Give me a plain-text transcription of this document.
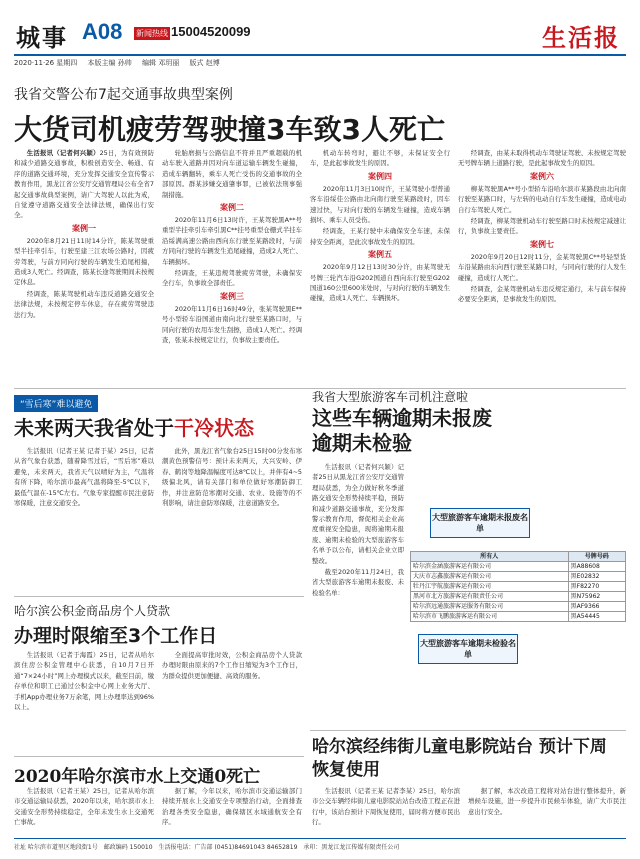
城事 A08 新闻热线 15004520099	生活报
2020·11·26 星期四 本版主编 孙帅 编辑 邓玥丽 版式 赵博
我省交警公布7起交通事故典型案例
大货司机疲劳驾驶撞3车致3人死亡

生活报讯（记者何兴颖）25日，为有效预防和减少道路交通事故，积极创造安全、畅通、有序的道路交通环境，充分发挥交通安全宣传警示教育作用，黑龙江省公安厅交通管理局公布全省7起交通事故典型案例，请广大驾驶人以此为戒，自觉遵守道路交通安全法律法规，确保出行安全。

案例一

2020年8月21日11时14分许，陈某驾驶重型半挂牵引车，行驶至建三江农场公路时，因疲劳驾驶，与前方同向行驶的车辆发生追尾相撞，造成3人死亡。经调查，陈某长途驾驶期间未按规定休息。

经调查，陈某驾驶机动车违反道路交通安全法律法规，未按规定停车休息，存在疲劳驾驶违法行为。

轮胎磨损与公路信息不符并且严重超载的机动车驶入道路并因对向车道运输车辆发生碰撞，造成车辆翻转，乘车人死亡受伤的交通事故的全部原因。群某涉嫌交通肇事罪，已被依法刑事强制措施。

案例二

2020年11月6日13时许，王某驾驶黑A**号重型半挂牵引车牵引黑C**挂号重型仓栅式半挂车沿绥满高速公路由西向东行驶至某路段时，与前方同向行驶的车辆发生追尾碰撞，造成2人死亡、车辆损坏。

经调查，王某违规驾驶疲劳驾驶，未确保安全行车，负事故全部责任。

案例三

2020年11月6日16时49分，张某驾驶黑E**号小型轿车沿国道由南向北行驶至某路口时，与同向行驶的农用车发生刮擦，造成1人死亡。经调查，张某未按规定让行，负事故主要责任。

机动车转弯时，避让不够，未保证安全行车，是此起事故发生的原因。

案例四

2020年11月3日10时许，王某驾驶小型普通客车沿绥佳公路由北向南行驶至某路段时，因车速过快，与对向行驶的车辆发生碰撞，造成车辆损坏、乘车人员受伤。

经调查，王某行驶中未确保安全车速，未保持安全距离，是此次事故发生的原因。

案例五

2020年9月12日13时30分许，由某驾驶无号牌三轮汽车沿G202国道自西向东行驶至G202国道160公里600米处时，与对向行驶的车辆发生碰撞，造成1人死亡、车辆损坏。

经调查，由某未取得机动车驾驶证驾驶、未按规定驾驶无号牌车辆上道路行驶，是此起事故发生的原因。

案例六

柳某驾驶黑A**号小型轿车沿哈尔滨市某路段由北向南行驶至某路口时，与左转的电动自行车发生碰撞，造成电动自行车驾驶人死亡。

经调查，柳某驾驶机动车行驶至路口时未按规定减速让行，负事故主要责任。

案例七

2020年9月20日12时11分，金某驾驶黑C**号轻型货车沿某路由东向西行驶至某路口时，与同向行驶的行人发生碰撞，造成行人死亡。

经调查，金某驾驶机动车违反规定通行，未与前车保持必要安全距离，是事故发生的原因。

“雪后寒”难以避免
未来两天我省处于干冷状态

生活报讯（记者王某 记者于某）25日，记者从省气象台获悉，随着降雪过后，“雪后寒”难以避免，未来两天，我省天气以晴好为主，气温将有所下降，哈尔滨市最高气温将降至-5℃以下，最低气温在-15℃左右。气象专家提醒市民注意防寒保暖，注意交通安全。

此外，黑龙江省气象台25日15时00分发布寒潮黄色预警信号：预计未来两天，大兴安岭、伊春、鹤岗等地降温幅度可达8℃以上，并伴有4~5级偏北风，请有关部门和单位做好寒潮防御工作，并注意防范寒潮对交通、农业、设施等的不利影响，请注意防寒保暖，注意道路安全。

我省大型旅游客车司机注意啦
这些车辆逾期未报废 逾期未检验

生活报讯（记者何兴颖）记者25日从黑龙江省公安厅交通管理局获悉，为全力做好秋冬季道路交通安全形势持续平稳，预防和减少道路交通事故，充分发挥警示教育作用，督促相关企业高度重视安全隐患，现将逾期未报废、逾期未检验的大型旅游客车名单予以公布，请相关企业立即整改。

截至2020年11月24日，我省大型旅游客车逾期未报废、未检验名单：

大型旅游客车逾期未报废名单
所有人	号牌号码
哈尔滨金涵旅游客运有限公司	黑A88608
大庆市志鑫旅游客运有限公司	黑E02832
牡丹江宇航旅游客运有限公司	黑F82270
黑河市北方旅游客运有限责任公司	黑N75962
哈尔滨远通旅游客运服务有限公司	黑AF9366
哈尔滨市飞鹏旅游客运有限公司	黑A54445
大型旅游客车逾期未检验名单
哈尔滨公积金商品房个人贷款
办理时限缩至3个工作日

生活报讯（记者于海霞）25日，记者从哈尔滨住房公积金管理中心获悉，自10月7日开通“7×24小时”网上办理模式以来，截至目前，缴存单位和职工已通过公积金中心网上业务大厅、手机App办理业务7万余笔，网上办理率达到96%以上。

全面提高审批时效，公积金商品房个人贷款办理时限由原来的7个工作日缩短为3个工作日，为群众提供更加便捷、高效的服务。

哈尔滨经纬街儿童电影院站台 预计下周恢复使用

生活报讯（记者王某 记者李某）25日，哈尔滨市公交车辆经纬街儿童电影院站站台改造工程正在进行中，该站台预计下周恢复使用，届时将方便市民出行。

据了解，本次改造工程将对站台进行整体提升，新增候车设施，进一步提升市民候车体验，请广大市民注意出行安全。

2020年哈尔滨市水上交通0死亡

生活报讯（记者王某）25日，记者从哈尔滨市交通运输局获悉，2020年以来，哈尔滨市水上交通安全形势持续稳定，全年未发生水上交通死亡事故。

据了解，今年以来，哈尔滨市交通运输部门持续开展水上交通安全专项整治行动，全面排查治理各类安全隐患，确保辖区水域通航安全有序。

社址 哈尔滨市道里区地段街1号　邮政编码 150010　生活报电话：广告部 (0451)84691043 84652819　承印：黑龙江龙江传媒有限责任公司
